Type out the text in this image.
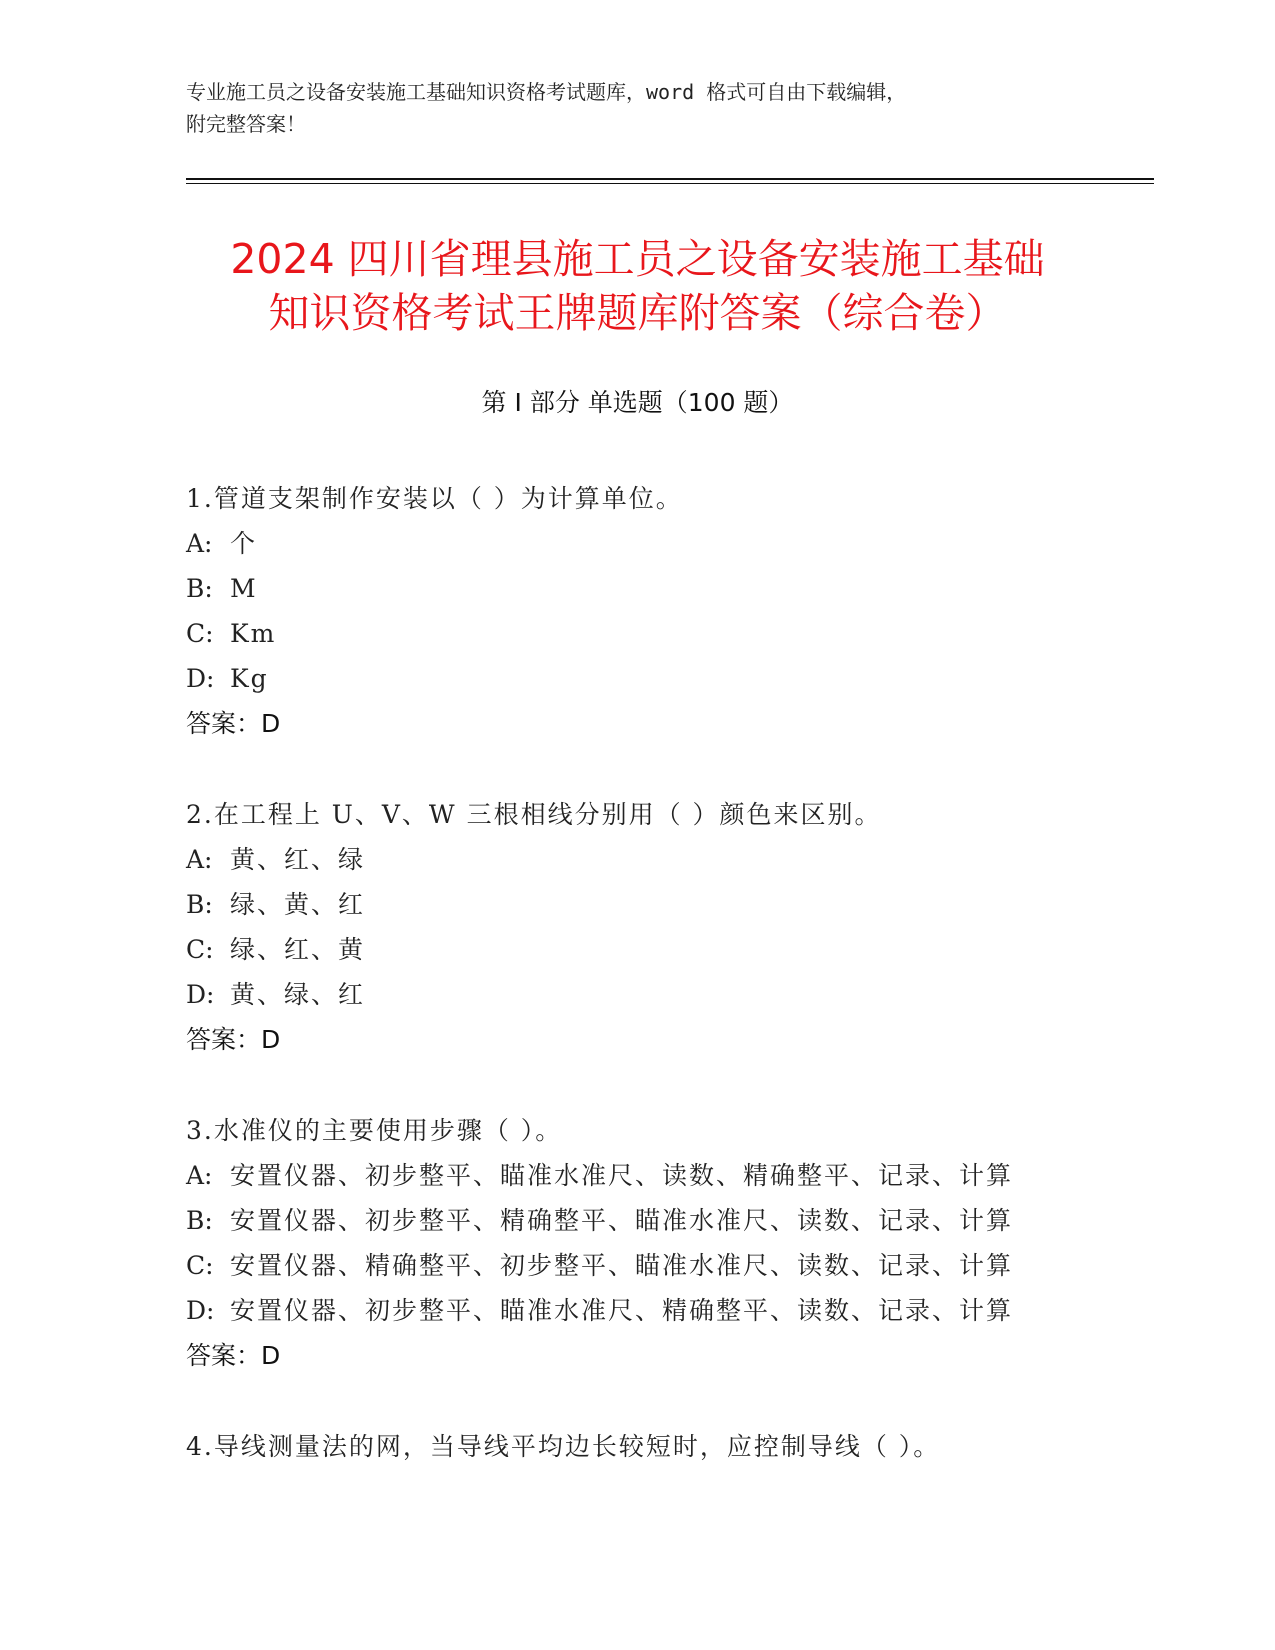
专业施工员之设备安装施工基础知识资格考试题库，word 格式可自由下载编辑，
附完整答案！
2024 四川省理县施工员之设备安装施工基础
知识资格考试王牌题库附答案（综合卷）
第 I 部分 单选题（100 题）
1.管道支架制作安装以（ ）为计算单位。
A: 个
B: M
C: Km
D: Kg
答案：D
2.在工程上 U、V、W 三根相线分别用（ ）颜色来区别。
A: 黄、红、绿
B: 绿、黄、红
C: 绿、红、黄
D: 黄、绿、红
答案：D
3.水准仪的主要使用步骤（ ）。
A: 安置仪器、初步整平、瞄准水准尺、读数、精确整平、记录、计算
B: 安置仪器、初步整平、精确整平、瞄准水准尺、读数、记录、计算
C: 安置仪器、精确整平、初步整平、瞄准水准尺、读数、记录、计算
D: 安置仪器、初步整平、瞄准水准尺、精确整平、读数、记录、计算
答案：D
4.导线测量法的网，当导线平均边长较短时，应控制导线（ ）。
